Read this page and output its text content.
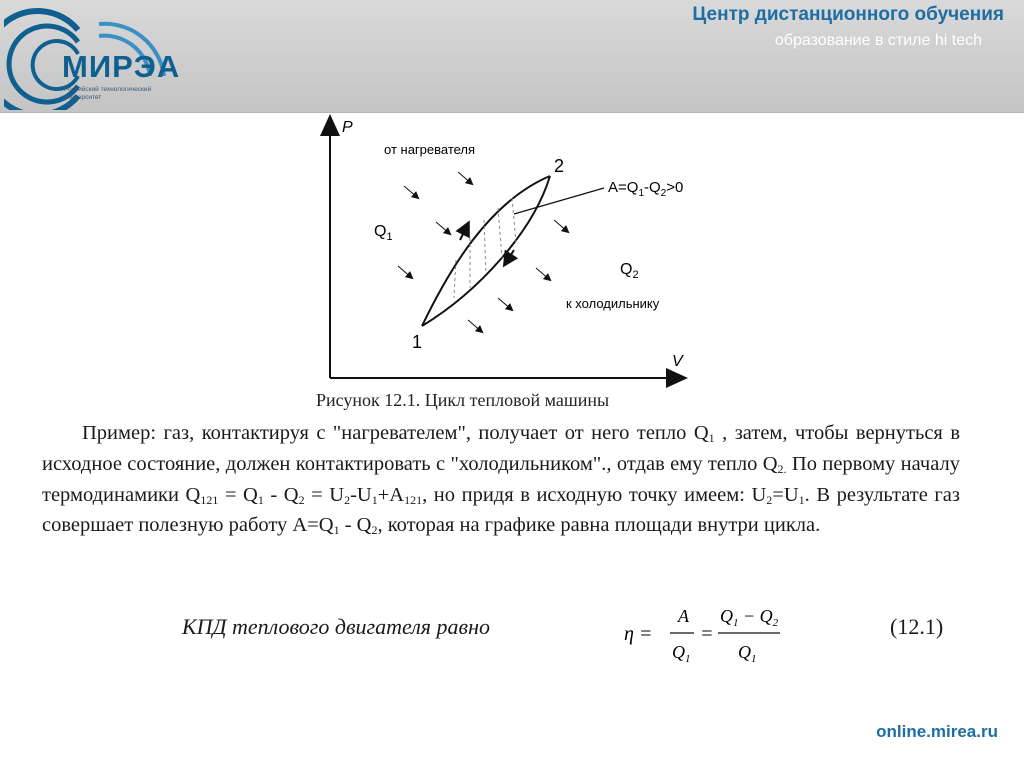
МИРЭА
Российский технологический университет
Центр дистанционного обучения
образование в стиле hi tech
P
V
1
2
от нагревателя
к холодильнику
$Q_1$
$Q_2$
$A=Q_1-Q_2>0$
Рисунок 12.1. Цикл тепловой машины
Пример: газ, контактируя с "нагревателем", получает от него тепло $Q_1$ , затем, чтобы вернуться в исходное состояние, должен контактировать с "холодильником"., отдав ему тепло $Q_{2.}$ По первому началу термодинамики $Q_{121} = Q_1 - Q_2 = U_2-U_1+A_{121}$, но придя в исходную точку имеем: $U_2=U_1$. В результате газ совершает полезную работу $A=Q_1 - Q_2$, которая на графике равна площади внутри цикла.
КПД теплового двигателя равно	η =
A
$Q_1$
=
$Q_1 - Q_2$
$Q_1$
(12.1)
online.mirea.ru
